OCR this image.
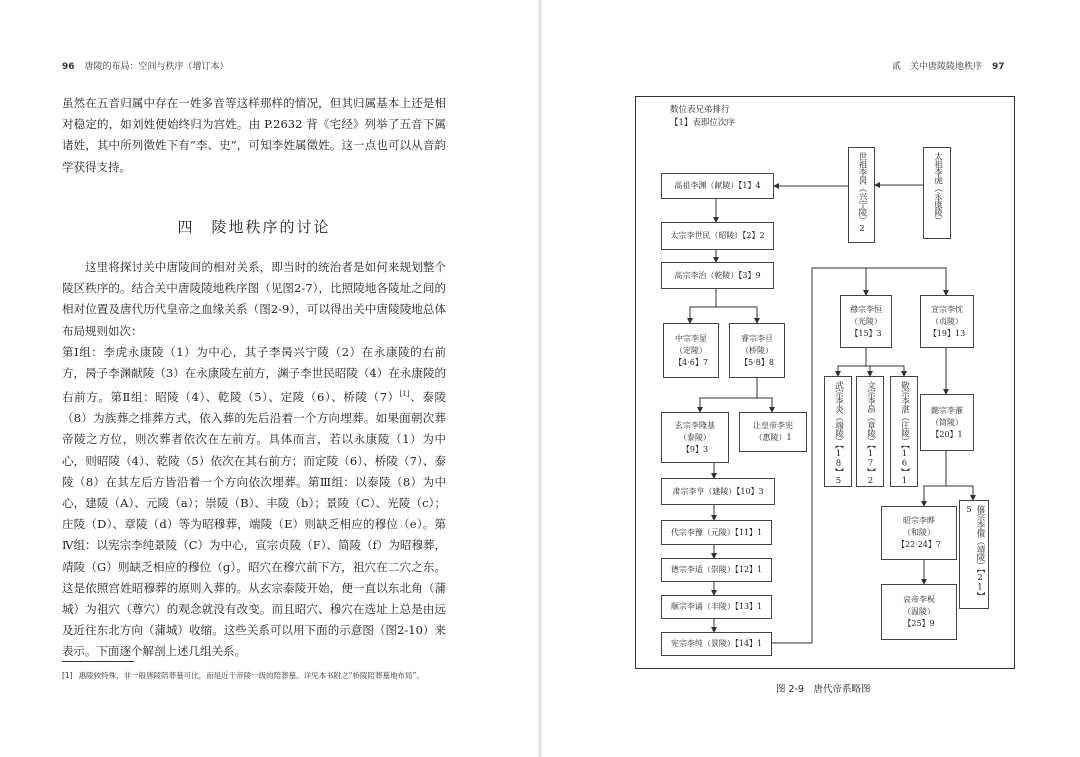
96 唐陵的布局：空间与秩序（增订本）
虽然在五音归属中存在一姓多音等这样那样的情况，但其归属基本上还是相对稳定的，如刘姓便始终归为宫姓。由 P.2632 背《宅经》列举了五音下属诸姓，其中所列徵姓下有“李、史”，可知李姓属徵姓。这一点也可以从音韵学获得支持。
四　陵地秩序的讨论
这里将探讨关中唐陵间的相对关系，即当时的统治者是如何来规划整个陵区秩序的。结合关中唐陵陵地秩序图（见图2-7），比照陵地各陵址之间的相对位置及唐代历代皇帝之血缘关系（图2-9），可以得出关中唐陵陵地总体布局规则如次：
第Ⅰ组：李虎永康陵（1）为中心，其子李昺兴宁陵（2）在永康陵的右前方，昺子李渊献陵（3）在永康陵左前方，渊子李世民昭陵（4）在永康陵的右前方。第Ⅱ组：昭陵（4）、乾陵（5）、定陵（6）、桥陵（7）[1]、泰陵（8）为族葬之排葬方式，依入葬的先后沿着一个方向埋葬。如果面朝次葬帝陵之方位，则次葬者依次在左前方。具体而言，若以永康陵（1）为中心，则昭陵（4）、乾陵（5）依次在其右前方；而定陵（6）、桥陵（7）、泰陵（8）在其左后方皆沿着一个方向依次埋葬。第Ⅲ组：以泰陵（8）为中心，建陵（A）、元陵（a）；崇陵（B）、丰陵（b）；景陵（C）、光陵（c）；庄陵（D）、章陵（d）等为昭穆葬，端陵（E）则缺乏相应的穆位（e）。第Ⅳ组：以宪宗李纯景陵（C）为中心，宣宗贞陵（F）、简陵（f）为昭穆葬，靖陵（G）则缺乏相应的穆位（g）。昭穴在穆穴前下方，祖穴在二穴之东。这是依照宫姓昭穆葬的原则入葬的。从玄宗泰陵开始，便一直以东北角（蒲城）为祖穴（尊穴）的观念就没有改变。而且昭穴、穆穴在选址上总是由远及近往东北方向（蒲城）收缩。这些关系可以用下面的示意图（图2-10）来表示。下面逐个解剖上述几组关系。
[1] 惠陵较特殊，非一般唐陵陪葬墓可比，而是近于帝陵一级的陪葬墓。详见本书附之“桥陵陪葬墓地布局”。
贰　关中唐陵陵地秩序 97
数位表兄弟排行
【1】表即位次序
太祖李虎（永康陵）
世祖李昺（兴宁陵）2
高祖李渊（献陵）【1】4
太宗李世民（昭陵）【2】2
高宗李治（乾陵）【3】9
中宗李显
（定陵）
【4·6】7
睿宗李旦
（桥陵）
【5·8】8
玄宗李隆基
（泰陵）
【9】3
让皇帝李宪
（惠陵）1
肃宗李亨（建陵）【10】3
代宗李豫（元陵）【11】1
德宗李适（崇陵）【12】1
顺宗李诵（丰陵）【13】1
宪宗李纯（景陵）【14】1
穆宗李恒
（光陵）
【15】3
宣宗李忱
（贞陵）
【19】13
武宗李炎（端陵）【18】5	文宗李昂（章陵）【17】2	敬宗李湛（庄陵）【16】1	懿宗李漼
（简陵）
【20】1
昭宗李晔
（和陵）
【22·24】7	僖宗李儇（靖陵）【21】5
哀帝李柷
（温陵）
【25】9
图 2-9　唐代帝系略图
